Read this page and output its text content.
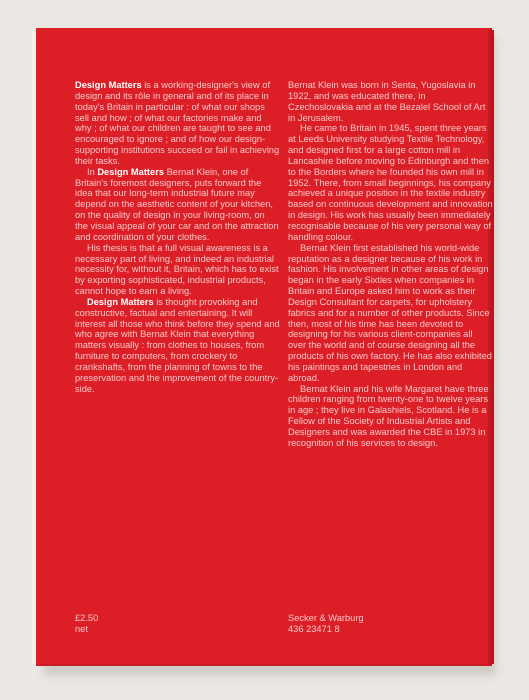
Design Matters is a working-designer's view of design and its rôle in general and of its place in today's Britain in particular : of what our shops sell and how ; of what our factories make and why ; of what our children are taught to see and encouraged to ignore ; and of how our design-supporting institutions succeed or fail in achieving their tasks.

In Design Matters Bernat Klein, one of Britain's foremost designers, puts forward the idea that our long-term industrial future may depend on the aesthetic content of your kitchen, on the quality of design in your living-room, on the visual appeal of your car and on the attraction and coordination of your clothes.

His thesis is that a full visual awareness is a necessary part of living, and indeed an industrial necessity for, without it, Britain, which has to exist by exporting sophisticated, industrial products, cannot hope to earn a living.

Design Matters is thought provoking and constructive, factual and entertaining. It will interest all those who think before they spend and who agree with Bernat Klein that everything matters visually : from clothes to houses, from furniture to computers, from crockery to crankshafts, from the planning of towns to the preservation and the improvement of the country-side.

Bernat Klein was born in Senta, Yugoslavia in 1922, and was educated there, in Czechoslovakia and at the Bezalel School of Art in Jerusalem.

He came to Britain in 1945, spent three years at Leeds University studying Textile Technology, and designed first for a large cotton mill in Lancashire before moving to Edinburgh and then to the Borders where he founded his own mill in 1952. There, from small beginnings, his company achieved a unique position in the textile industry based on continuous development and innovation in design. His work has usually been immediately recognisable because of his very personal way of handling colour.

Bernat Klein first established his world-wide reputation as a designer because of his work in fashion. His involvement in other areas of design began in the early Sixties when companies in Britain and Europe asked him to work as their Design Consultant for carpets, for upholstery fabrics and for a number of other products. Since then, most of his time has been devoted to designing for his various client-companies all over the world and of course designing all the products of his own factory. He has also exhibited his paintings and tapestries in London and abroad.

Bernat Klein and his wife Margaret have three children ranging from twenty-one to twelve years in age ; they live in Galashiels, Scotland. He is a Fellow of the Society of Industrial Artists and Designers and was awarded the CBE in 1973 in recognition of his services to design.

£2.50
net
Secker & Warburg
436 23471 8
